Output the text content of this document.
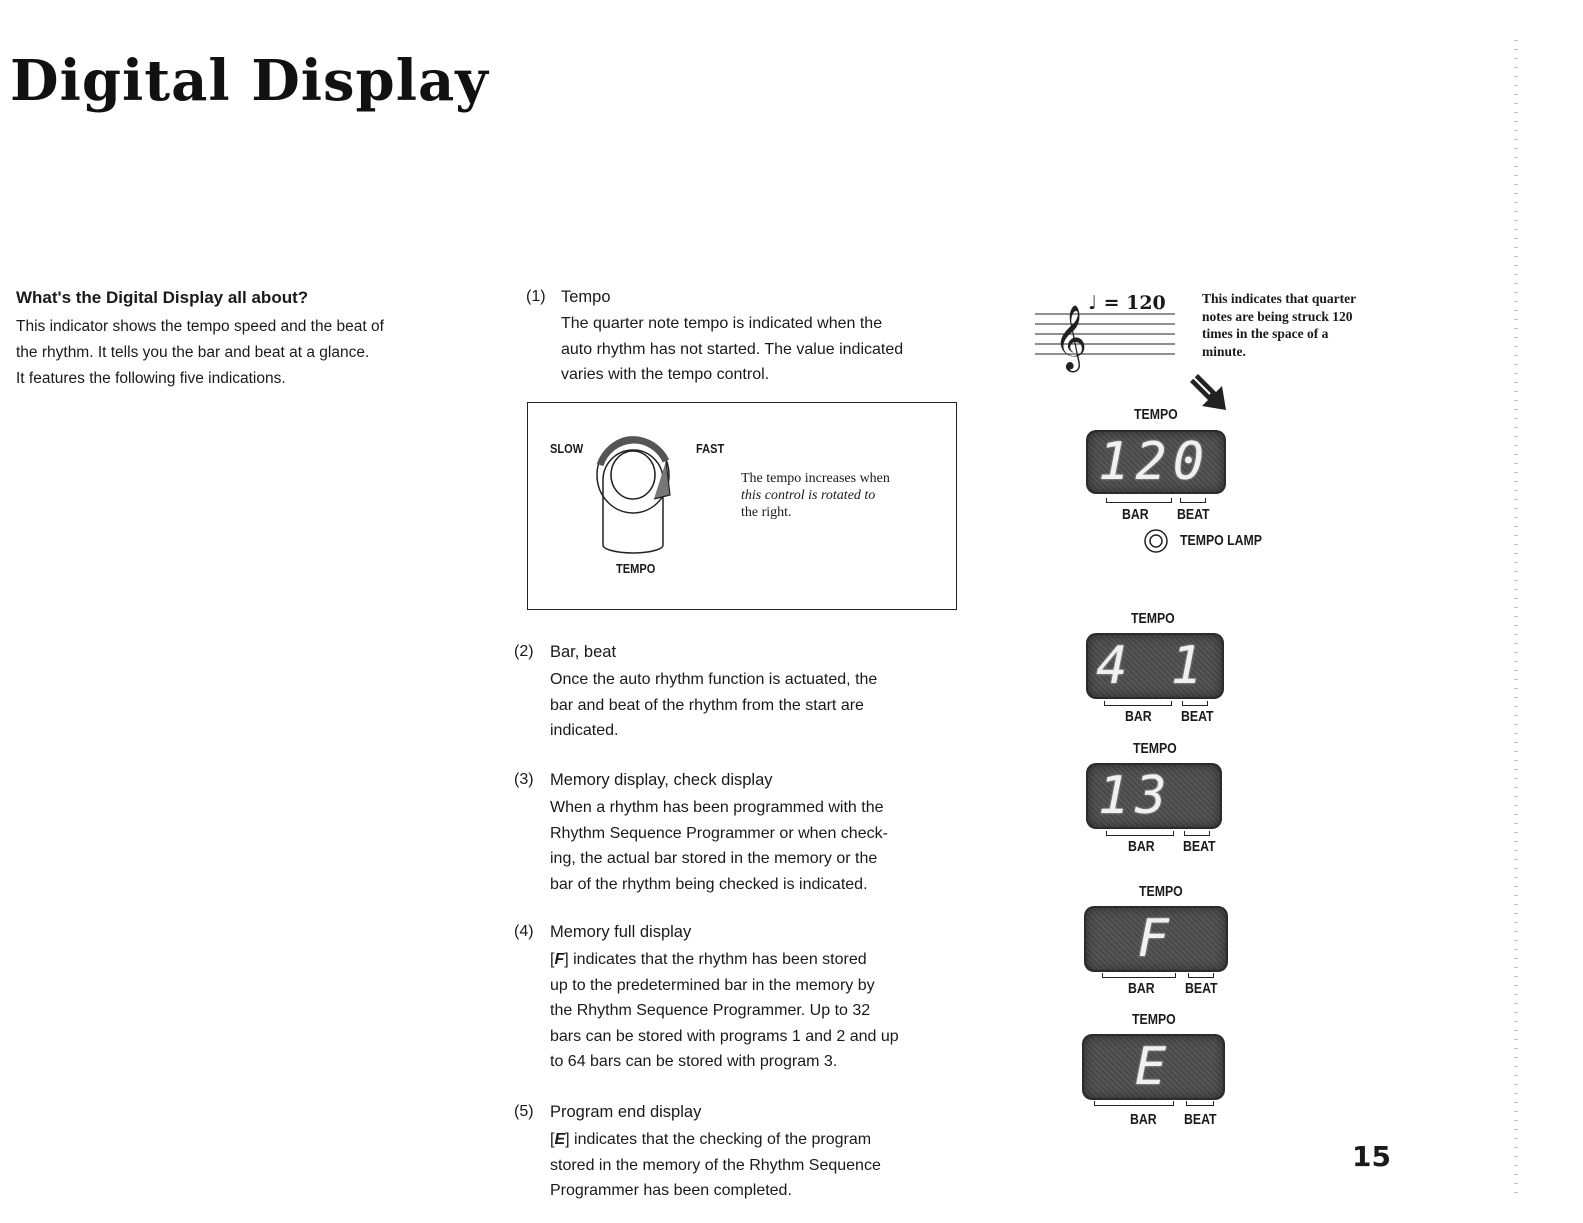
Digital Display
What's the Digital Display all about?
This indicator shows the tempo speed and the beat of
the rhythm. It tells you the bar and beat at a glance.
It features the following five indications.
(1) Tempo
The quarter note tempo is indicated when the
auto rhythm has not started. The value indicated
varies with the tempo control.
SLOW	FAST
TEMPO
The tempo increases when
this control is rotated to
the right.
(2) Bar, beat
Once the auto rhythm function is actuated, the
bar and beat of the rhythm from the start are
indicated.
(3) Memory display, check display
When a rhythm has been programmed with the
Rhythm Sequence Programmer or when check-
ing, the actual bar stored in the memory or the
bar of the rhythm being checked is indicated.
(4) Memory full display
[F] indicates that the rhythm has been stored
up to the predetermined bar in the memory by
the Rhythm Sequence Programmer. Up to 32
bars can be stored with programs 1 and 2 and up
to 64 bars can be stored with program 3.
(5) Program end display
[E] indicates that the checking of the program
stored in the memory of the Rhythm Sequence
Programmer has been completed.
𝄞
♩ = 120	This indicates that quarter
notes are being struck 120
times in the space of a
minute.
TEMPO
120
BAR BEAT
TEMPO LAMP
TEMPO
4 1
BAR BEAT
TEMPO
13
BAR BEAT
TEMPO
F
BAR BEAT
TEMPO
E
BAR BEAT
15
